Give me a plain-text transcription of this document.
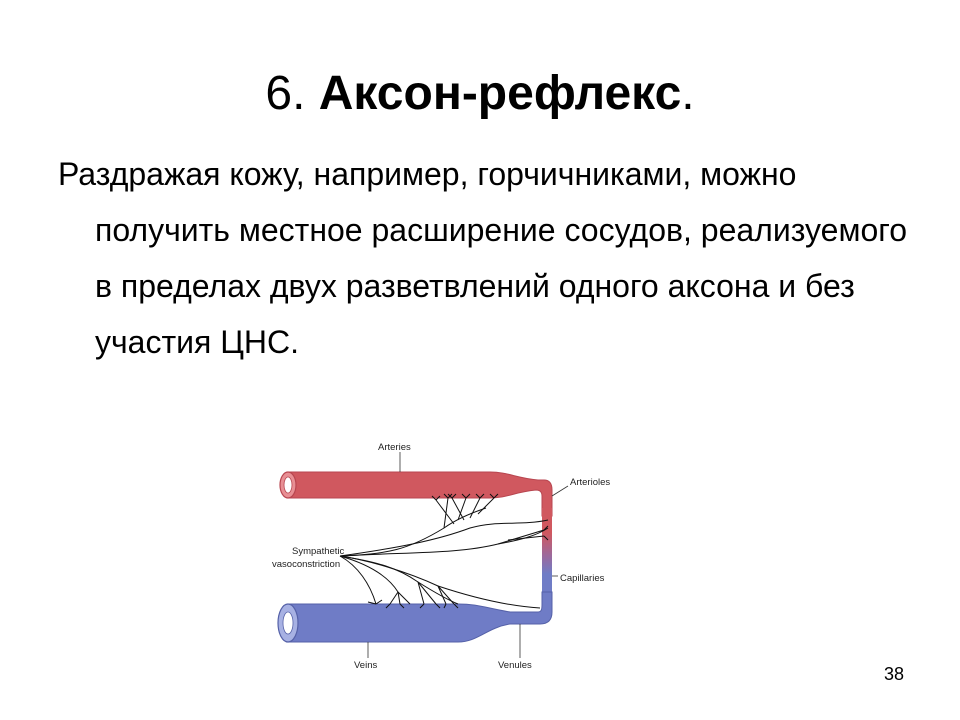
6. Аксон-рефлекс.

Раздражая кожу, например, горчичниками, можно получить местное расширение сосудов, реализуемого в пределах двух разветвлений одного аксона и без участия ЦНС.

Arteries
Arterioles
Sympathetic
vasoconstriction
Capillaries
Veins	Venules	38
